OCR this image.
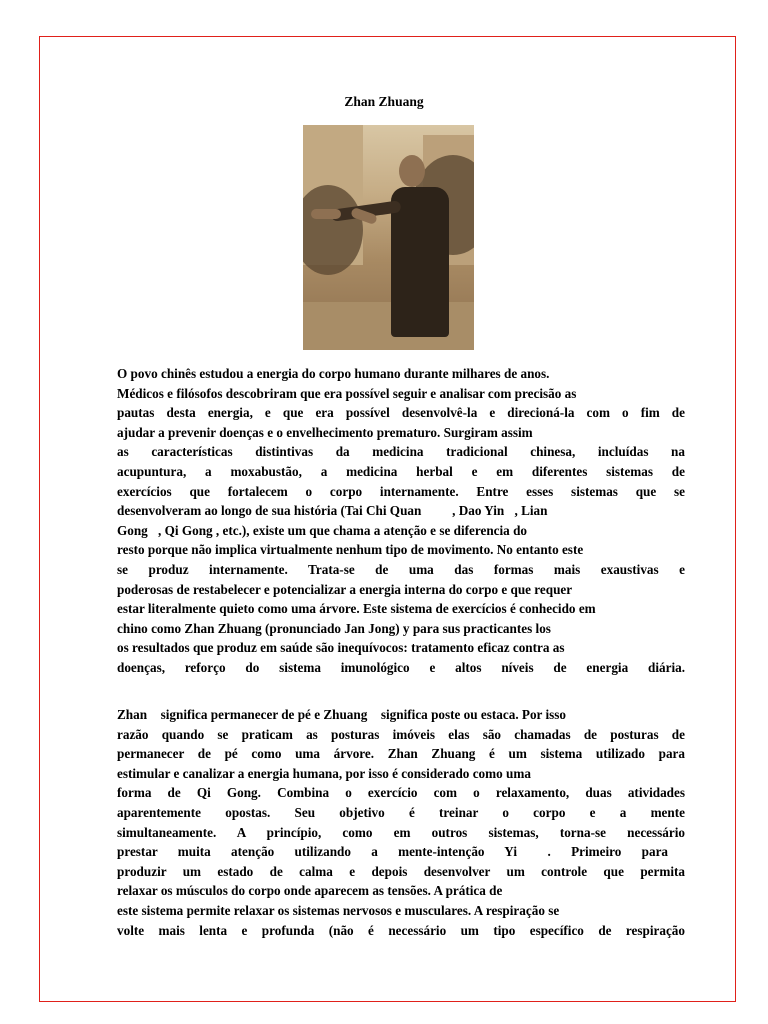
Zhan Zhuang
O povo chinês estudou a energia do corpo humano durante milhares de anos.
Médicos e filósofos descobriram que era possível seguir e analisar com precisão as
pautas desta energia, e que era possível desenvolvê-la e direcioná-la com o fim de
ajudar a prevenir doenças e o envelhecimento prematuro. Surgiram assim
as características distintivas da medicina tradicional chinesa, incluídas na
acupuntura, a moxabustão, a medicina herbal e em diferentes sistemas de
exercícios que fortalecem o corpo internamente. Entre esses sistemas que se
desenvolveram ao longo de sua história (Tai Chi Quan⃞⃞⃞, Dao Yin⃞, Lian
Gong⃞, Qi Gong , etc.), existe um que chama a atenção e se diferencia do
resto porque não implica virtualmente nenhum tipo de movimento. No entanto este
se produz internamente. Trata-se de uma das formas mais exaustivas e
poderosas de restabelecer e potencializar a energia interna do corpo e que requer
estar literalmente quieto como uma árvore. Este sistema de exercícios é conhecido em
chino como Zhan Zhuang (pronunciado Jan Jong) y para sus practicantes los
os resultados que produz em saúde são inequívocos: tratamento eficaz contra as
doenças, reforço do sistema imunológico e altos níveis de energia diária.
Zhan⃞ significa permanecer de pé e Zhuang⃞ significa poste ou estaca. Por isso
razão quando se praticam as posturas imóveis elas são chamadas de posturas de
permanecer de pé como uma árvore. Zhan Zhuang é um sistema utilizado para
estimular e canalizar a energia humana, por isso é considerado como uma
forma de Qi Gong. Combina o exercício com o relaxamento, duas atividades
aparentemente opostas. Seu objetivo é treinar o corpo e a mente
simultaneamente. A princípio, como em outros sistemas, torna-se necessário
prestar muita atenção utilizando a mente-intenção Yi ⃞. Primeiro para
produzir um estado de calma e depois desenvolver um controle que permita
relaxar os músculos do corpo onde aparecem as tensões. A prática de
este sistema permite relaxar os sistemas nervosos e musculares. A respiração se
volte mais lenta e profunda (não é necessário um tipo específico de respiração
